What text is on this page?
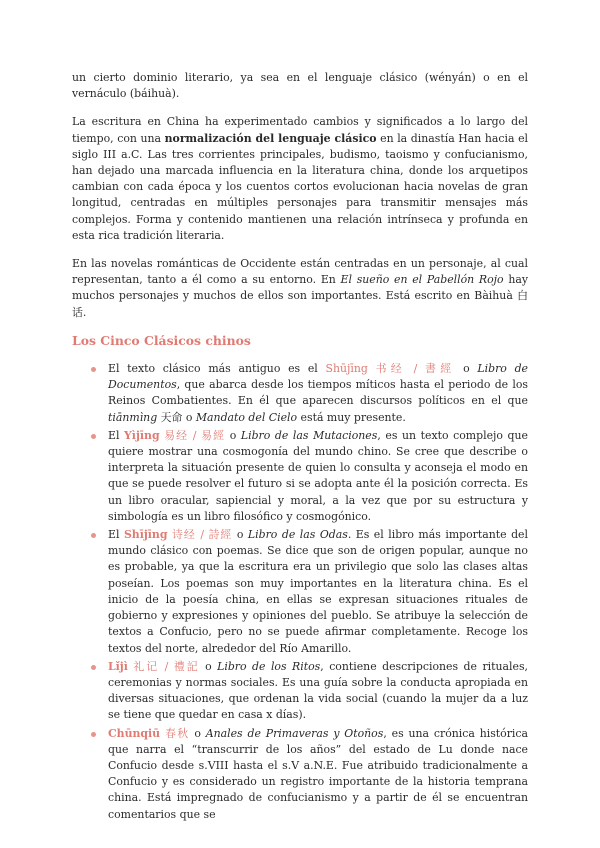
un cierto dominio literario, ya sea en el lenguaje clásico (wényán) o en el vernáculo (báihuà).

La escritura en China ha experimentado cambios y significados a lo largo del tiempo, con una normalización del lenguaje clásico en la dinastía Han hacia el siglo III a.C. Las tres corrientes principales, budismo, taoismo y confucianismo, han dejado una marcada influencia en la literatura china, donde los arquetipos cambian con cada época y los cuentos cortos evolucionan hacia novelas de gran longitud, centradas en múltiples personajes para transmitir mensajes más complejos. Forma y contenido mantienen una relación intrínseca y profunda en esta rica tradición literaria.

En las novelas románticas de Occidente están centradas en un personaje, al cual representan, tanto a él como a su entorno. En El sueño en el Pabellón Rojo hay muchos personajes y muchos de ellos son importantes. Está escrito en Bàihuà 白话.

Los Cinco Clásicos chinos
El texto clásico más antiguo es el Shūjīng 书经 / 書經 o Libro de Documentos, que abarca desde los tiempos míticos hasta el periodo de los Reinos Combatientes. En él que aparecen discursos políticos en el que tiānmìng 天命 o Mandato del Cielo está muy presente.
El Yìjīng 易经 / 易經 o Libro de las Mutaciones, es un texto complejo que quiere mostrar una cosmogonía del mundo chino. Se cree que describe o interpreta la situación presente de quien lo consulta y aconseja el modo en que se puede resolver el futuro si se adopta ante él la posición correcta. Es un libro oracular, sapiencial y moral, a la vez que por su estructura y simbología es un libro filosófico y cosmogónico.
El Shījīng 诗经 / 詩經 o Libro de las Odas. Es el libro más importante del mundo clásico con poemas. Se dice que son de origen popular, aunque no es probable, ya que la escritura era un privilegio que solo las clases altas poseían. Los poemas son muy importantes en la literatura china. Es el inicio de la poesía china, en ellas se expresan situaciones rituales de gobierno y expresiones y opiniones del pueblo. Se atribuye la selección de textos a Confucio, pero no se puede afirmar completamente. Recoge los textos del norte, alrededor del Río Amarillo.
Lǐjì 礼记 / 禮記 o Libro de los Ritos, contiene descripciones de rituales, ceremonias y normas sociales. Es una guía sobre la conducta apropiada en diversas situaciones, que ordenan la vida social (cuando la mujer da a luz se tiene que quedar en casa x días).
Chūnqiū 春秋 o Anales de Primaveras y Otoños, es una crónica histórica que narra el “transcurrir de los años” del estado de Lu donde nace Confucio desde s.VIII hasta el s.V a.N.E. Fue atribuido tradicionalmente a Confucio y es considerado un registro importante de la historia temprana china. Está impregnado de confucianismo y a partir de él se encuentran comentarios que se
